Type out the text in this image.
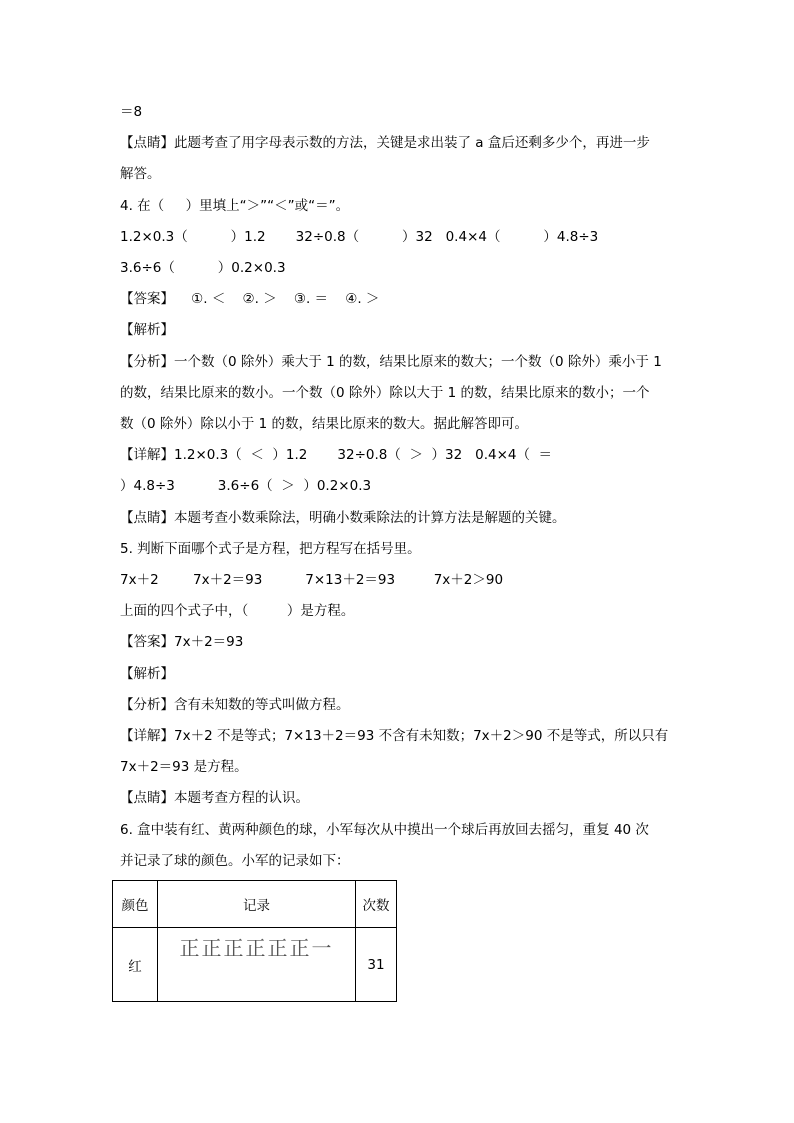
＝8
【点睛】此题考查了用字母表示数的方法，关键是求出装了 a 盒后还剩多少个，再进一步
解答。
4. 在（     ）里填上“＞”“＜”或“＝”。
1.2×0.3（          ）1.2       32÷0.8（          ）32   0.4×4（          ）4.8÷3
3.6÷6（          ）0.2×0.3
【答案】    ①. ＜    ②. ＞    ③. ＝    ④. ＞
【解析】
【分析】一个数（0 除外）乘大于 1 的数，结果比原来的数大；一个数（0 除外）乘小于 1
的数，结果比原来的数小。一个数（0 除外）除以大于 1 的数，结果比原来的数小；一个
数（0 除外）除以小于 1 的数，结果比原来的数大。据此解答即可。
【详解】1.2×0.3（  ＜  ）1.2       32÷0.8（  ＞  ）32   0.4×4（  ＝
）4.8÷3          3.6÷6（  ＞  ）0.2×0.3
【点睛】本题考查小数乘除法，明确小数乘除法的计算方法是解题的关键。
5. 判断下面哪个式子是方程，把方程写在括号里。
7x＋2        7x＋2＝93          7×13＋2＝93         7x＋2＞90
上面的四个式子中，（         ）是方程。
【答案】7x＋2＝93
【解析】
【分析】含有未知数的等式叫做方程。
【详解】7x＋2 不是等式；7×13＋2＝93 不含有未知数；7x＋2＞90 不是等式，所以只有
7x＋2＝93 是方程。
【点睛】本题考查方程的认识。
6. 盒中装有红、黄两种颜色的球，小军每次从中摸出一个球后再放回去摇匀，重复 40 次
并记录了球的颜色。小军的记录如下：
颜色	记录	次数
红	正正正正正正一	31
